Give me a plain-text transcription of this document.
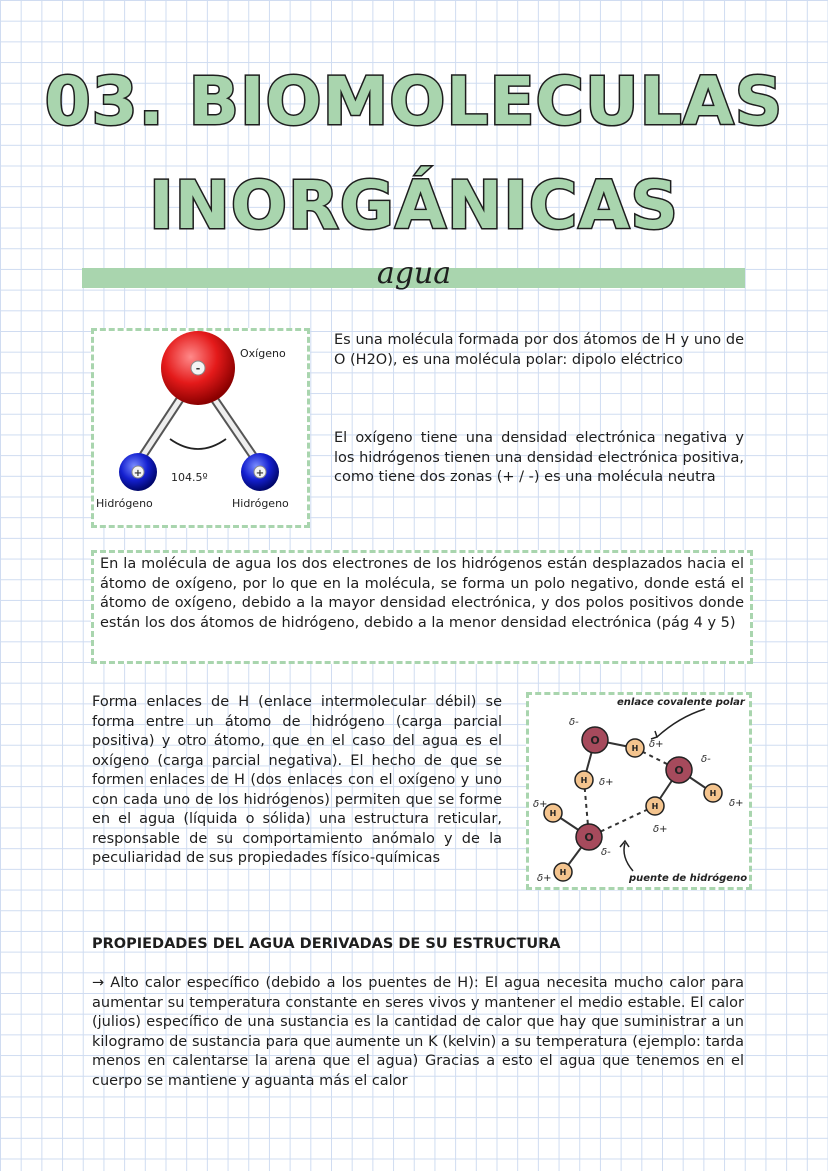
03. BIOMOLECULAS
INORGÁNICAS
agua
-
+	+
Oxígeno
104.5º
Hidrógeno	Hidrógeno

Es una molécula formada por dos átomos de H y uno de O (H2O), es una molécula polar: dipolo eléctrico

El oxígeno tiene una densidad electrónica negativa y los hidrógenos tienen una densidad electrónica positiva, como tiene dos zonas (+ / -) es una molécula neutra

En la molécula de agua los dos electrones de los hidrógenos están desplazados hacia el átomo de oxígeno, por lo que en la molécula, se forma un polo negativo, donde está el átomo de oxígeno, debido a la mayor densidad electrónica, y dos polos positivos donde están los dos átomos de hidrógeno, debido a la menor densidad electrónica (pág 4 y 5)

Forma enlaces de H (enlace intermolecular débil) se forma entre un átomo de hidrógeno (carga parcial positiva) y otro átomo, que en el caso del agua es el oxígeno (carga parcial negativa). El hecho de que se formen enlaces de H (dos enlaces con el oxígeno y uno con cada uno de los hidrógenos) permiten que se forme en el agua (líquida o sólida) una estructura reticular, responsable de su comportamiento anómalo y de la peculiaridad de sus propiedades físico-químicas

O
O
O
H
H
H
H
H
H
δ-
δ+
δ+
δ-
δ+
δ+
δ+
δ-
δ+
enlace covalente polar
puente de hidrógeno
PROPIEDADES DEL AGUA DERIVADAS DE SU ESTRUCTURA

→ Alto calor específico (debido a los puentes de H): El agua necesita mucho calor para aumentar su temperatura constante en seres vivos y mantener el medio estable. El calor (julios) específico de una sustancia es la cantidad de calor que hay que suministrar a un kilogramo de sustancia para que aumente un K (kelvin) a su temperatura (ejemplo: tarda menos en calentarse la arena que el agua) Gracias a esto el agua que tenemos en el cuerpo se mantiene y aguanta más el calor
